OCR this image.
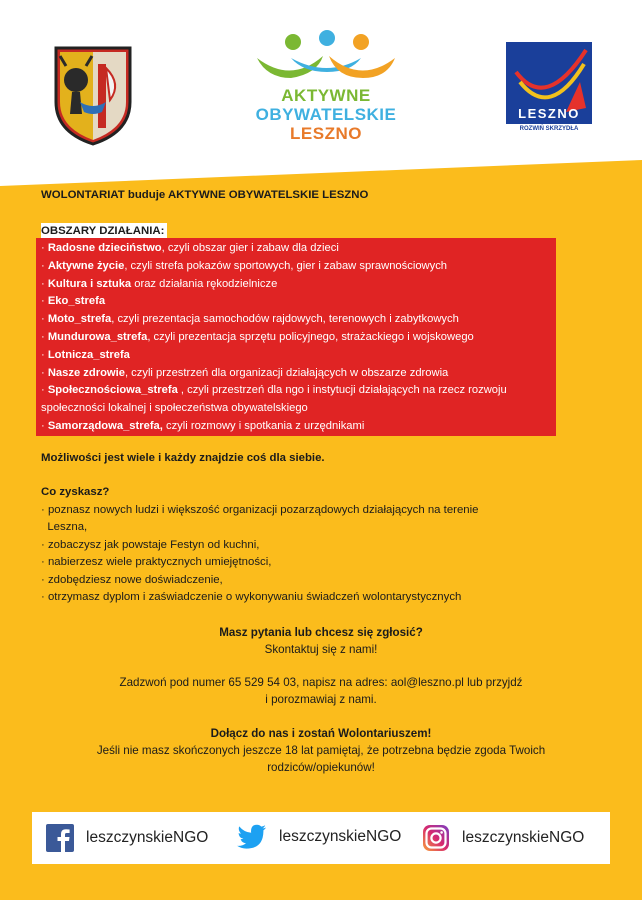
AKTYWNE
OBYWATELSKIE
LESZNO
LESZNO
ROZWIŃ SKRZYDŁA
WOLONTARIAT buduje AKTYWNE OBYWATELSKIE LESZNO
OBSZARY DZIAŁANIA:
· Radosne dzieciństwo, czyli obszar gier i zabaw dla dzieci
· Aktywne życie, czyli strefa pokazów sportowych, gier i zabaw sprawnościowych
· Kultura i sztuka oraz działania rękodzielnicze
· Eko_strefa
· Moto_strefa, czyli prezentacja samochodów rajdowych, terenowych i zabytkowych
· Mundurowa_strefa, czyli prezentacja sprzętu policyjnego, strażackiego i wojskowego
· Lotnicza_strefa
· Nasze zdrowie, czyli przestrzeń dla organizacji działających w obszarze zdrowia
· Społecznościowa_strefa , czyli przestrzeń dla ngo i instytucji działających na rzecz rozwoju społeczności lokalnej i społeczeństwa obywatelskiego
· Samorządowa_strefa, czyli rozmowy i spotkania z urzędnikami
Możliwości jest wiele i każdy znajdzie coś dla siebie.
Co zyskasz?
· poznasz nowych ludzi i większość organizacji pozarządowych działających na terenie
Leszna,
· zobaczysz jak powstaje Festyn od kuchni,
· nabierzesz wiele praktycznych umiejętności,
· zdobędziesz nowe doświadczenie,
· otrzymasz dyplom i zaświadczenie o wykonywaniu świadczeń wolontarystycznych
Masz pytania lub chcesz się zgłosić?
Skontaktuj się z nami!
Zadzwoń pod numer 65 529 54 03, napisz na adres: aol@leszno.pl lub przyjdź
i porozmawiaj z nami.
Dołącz do nas i zostań Wolontariuszem!
Jeśli nie masz skończonych jeszcze 18 lat pamiętaj, że potrzebna będzie zgoda Twoich
rodziców/opiekunów!
leszczynskieNGO	leszczynskieNGO	leszczynskieNGO
